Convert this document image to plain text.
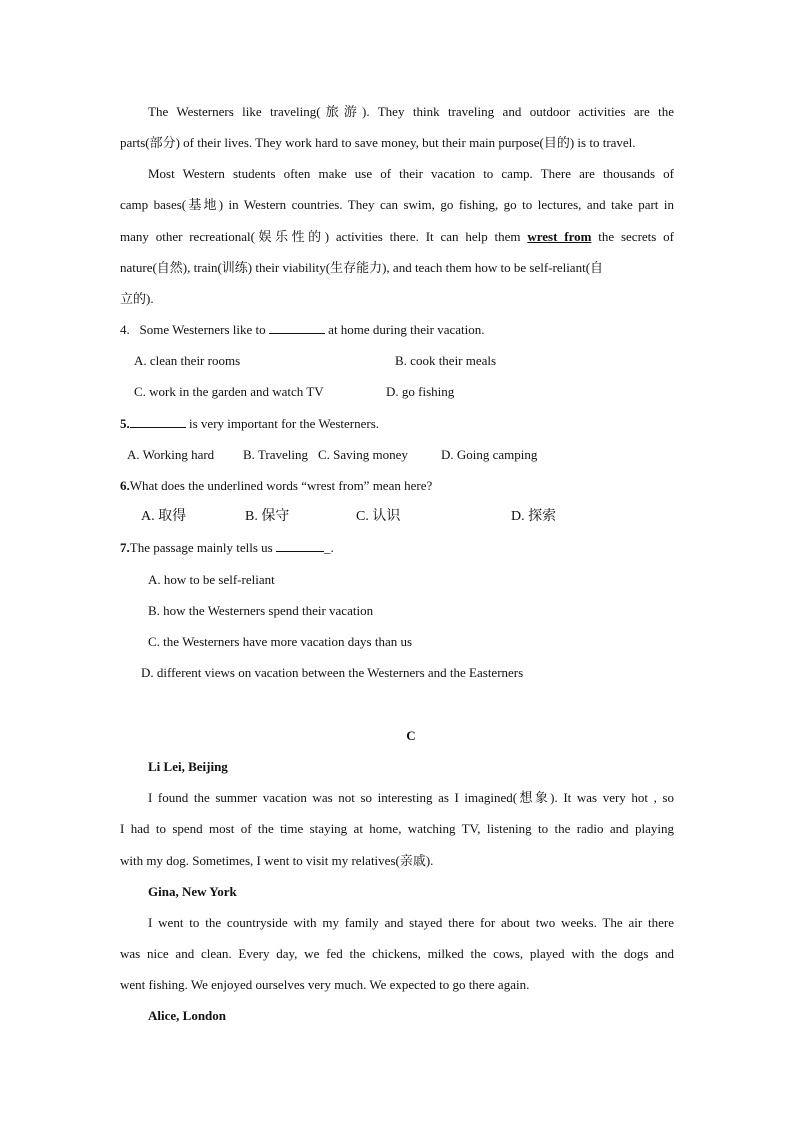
The Westerners like traveling(旅游). They think traveling and outdoor activities are the
parts(部分) of their lives. They work hard to save money, but their main purpose(目的) is to travel.
Most Western students often make use of their vacation to camp. There are thousands of
camp bases(基地) in Western countries. They can swim, go fishing, go to lectures, and take part in
many other recreational(娱乐性的) activities there. It can help them wrest from the secrets of
nature(自然), train(训练) their viability(生存能力), and teach them how to be self-reliant(自
立的).
4. Some Westerners like to	at home during their vacation.
A. clean their rooms	B. cook their meals
C. work in the garden and watch TV	D. go fishing
5.	is very important for the Westerners.
A. Working hard B. Traveling C. Saving money	D. Going camping
6.What does the underlined words “wrest from” mean here?
A. 取得	B. 保守	C. 认识	D. 探索
7.The passage mainly tells us	_.
A. how to be self-reliant
B. how the Westerners spend their vacation
C. the Westerners have more vacation days than us
D. different views on vacation between the Westerners and the Easterners
C
Li Lei, Beijing
I found the summer vacation was not so interesting as I imagined(想象). It was very hot , so
I had to spend most of the time staying at home, watching TV, listening to the radio and playing
with my dog. Sometimes, I went to visit my relatives(亲戚).
Gina, New York
I went to the countryside with my family and stayed there for about two weeks. The air there
was nice and clean. Every day, we fed the chickens, milked the cows, played with the dogs and
went fishing. We enjoyed ourselves very much. We expected to go there again.
Alice, London
